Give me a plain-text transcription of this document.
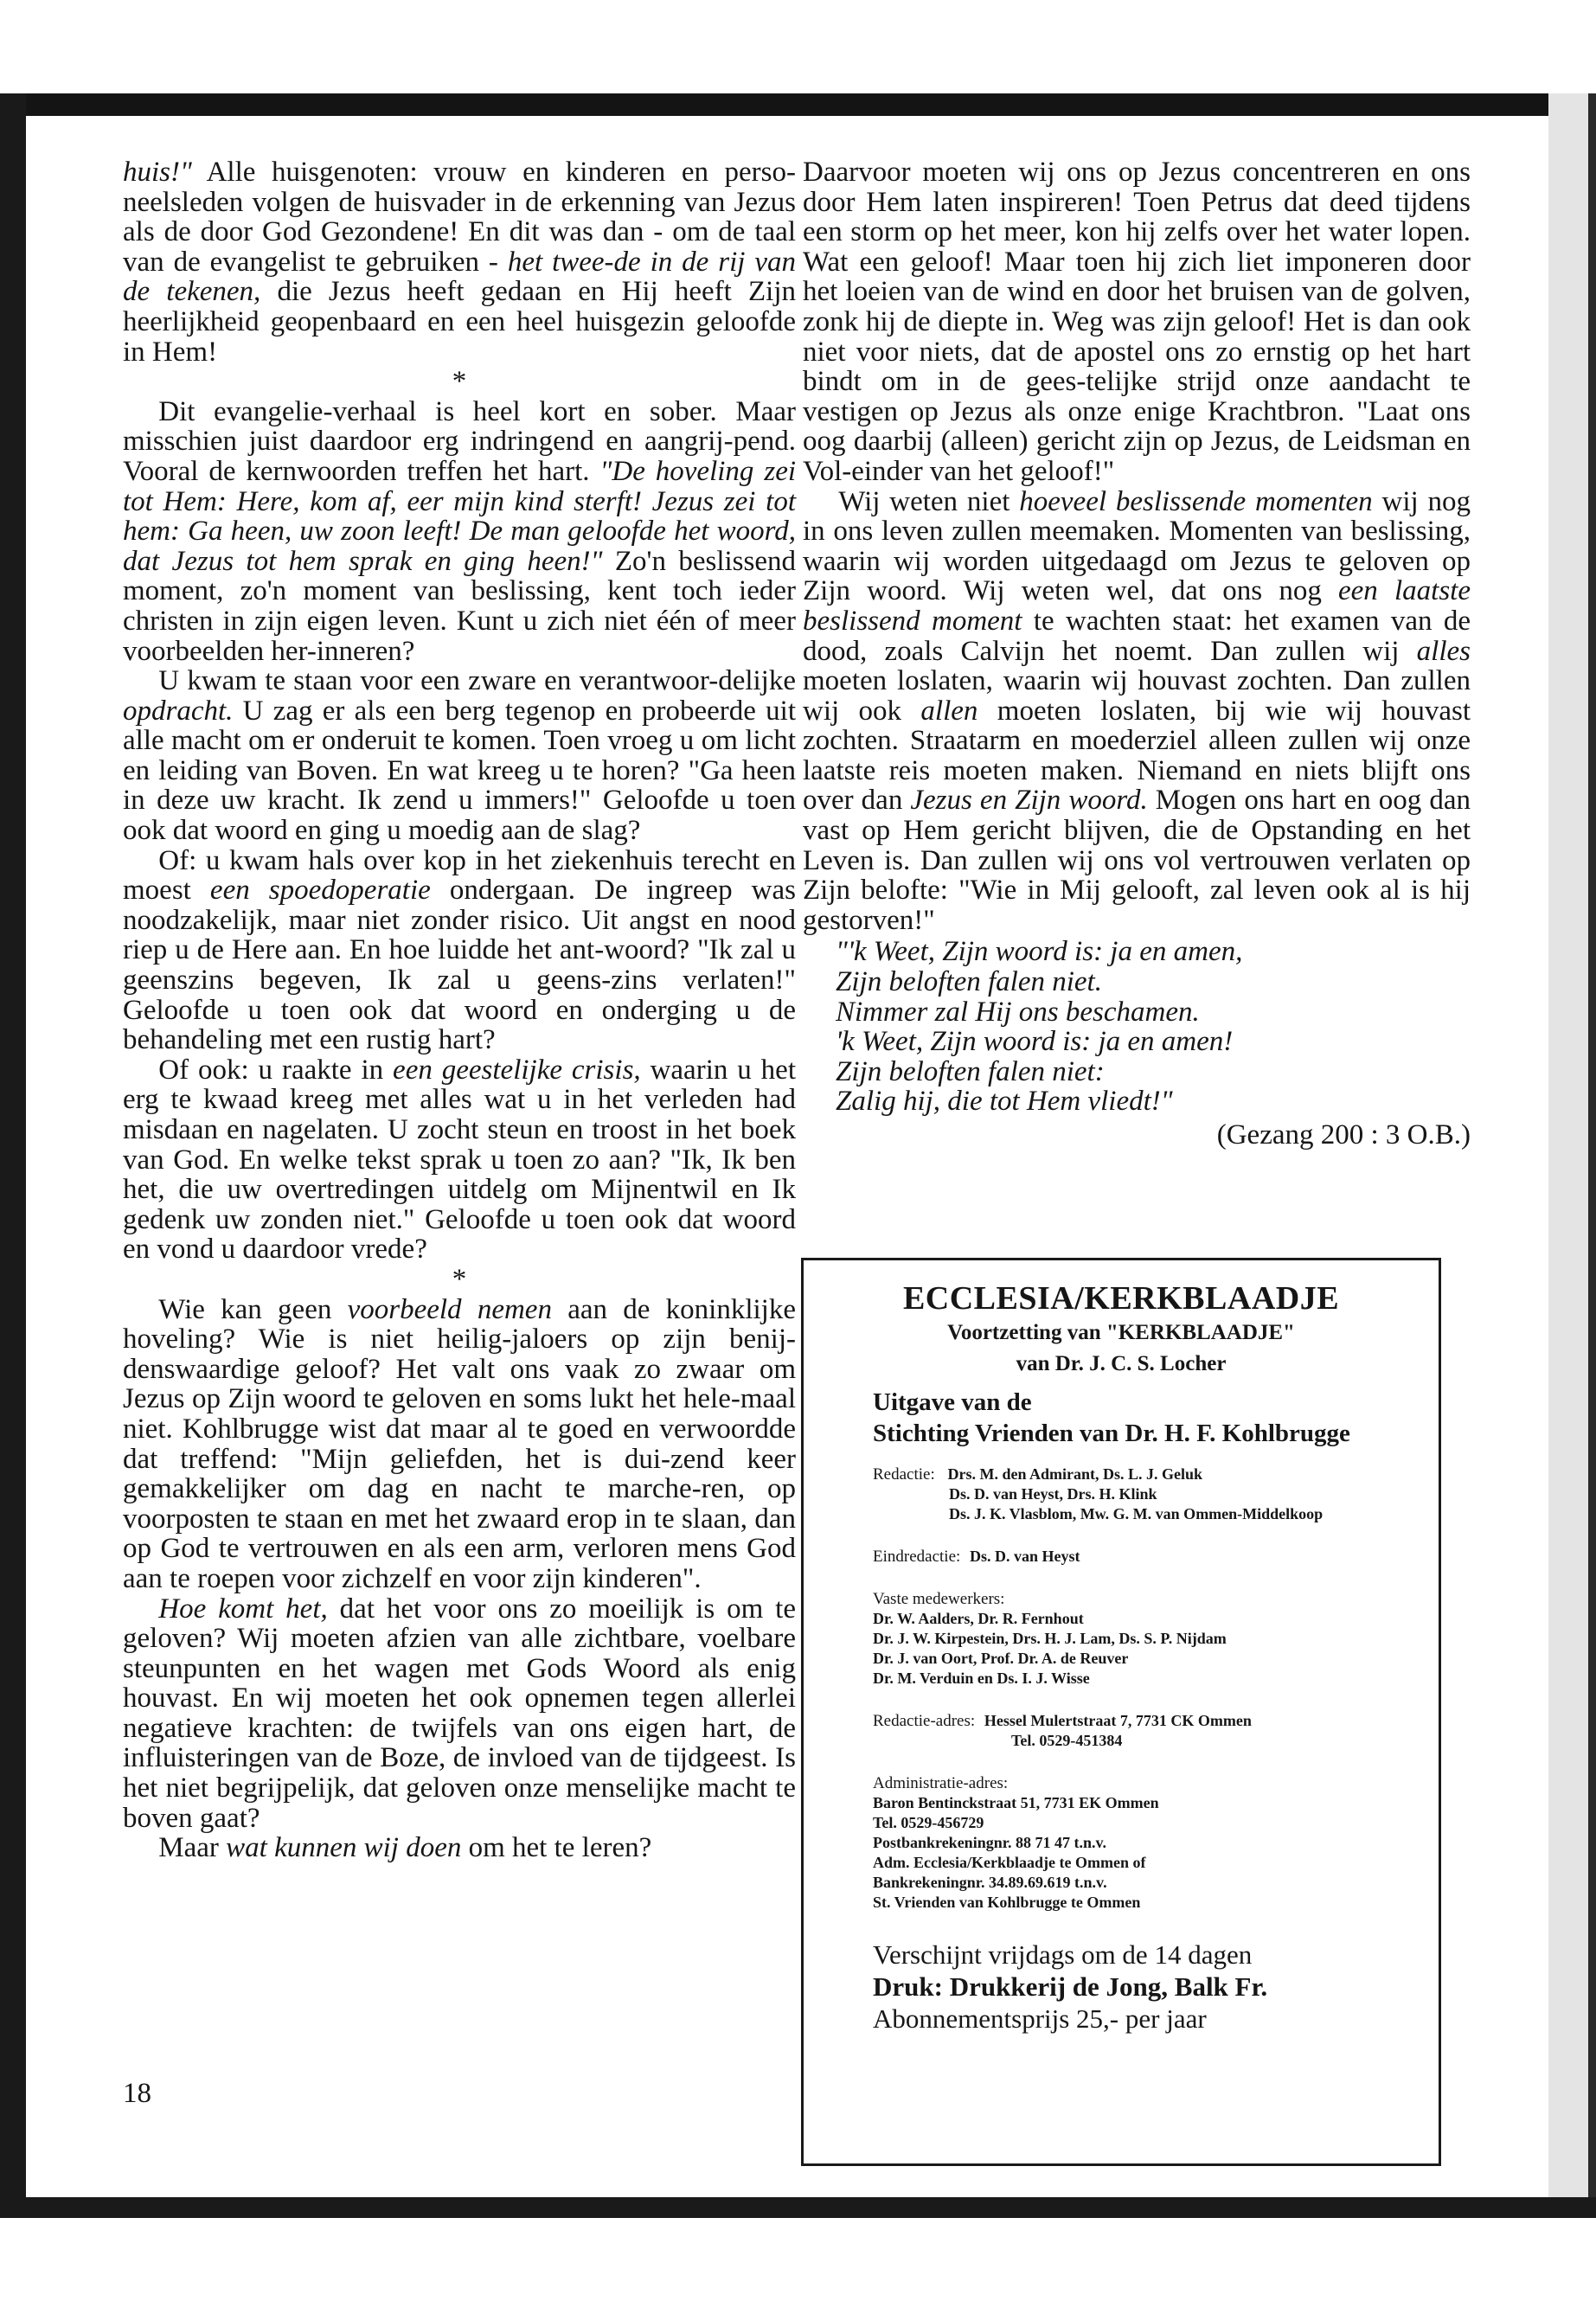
huis!" Alle huisgenoten: vrouw en kinderen en perso-neelsleden volgen de huisvader in de erkenning van Jezus als de door God Gezondene! En dit was dan - om de taal van de evangelist te gebruiken - het twee-de in de rij van de tekenen, die Jezus heeft gedaan en Hij heeft Zijn heerlijkheid geopenbaard en een heel huisgezin geloofde in Hem!

*

Dit evangelie-verhaal is heel kort en sober. Maar misschien juist daardoor erg indringend en aangrij-pend. Vooral de kernwoorden treffen het hart. "De hoveling zei tot Hem: Here, kom af, eer mijn kind sterft! Jezus zei tot hem: Ga heen, uw zoon leeft! De man geloofde het woord, dat Jezus tot hem sprak en ging heen!" Zo'n beslissend moment, zo'n moment van beslissing, kent toch ieder christen in zijn eigen leven. Kunt u zich niet één of meer voorbeelden her-inneren?

U kwam te staan voor een zware en verantwoor-delijke opdracht. U zag er als een berg tegenop en probeerde uit alle macht om er onderuit te komen. Toen vroeg u om licht en leiding van Boven. En wat kreeg u te horen? "Ga heen in deze uw kracht. Ik zend u immers!" Geloofde u toen ook dat woord en ging u moedig aan de slag?

Of: u kwam hals over kop in het ziekenhuis terecht en moest een spoedoperatie ondergaan. De ingreep was noodzakelijk, maar niet zonder risico. Uit angst en nood riep u de Here aan. En hoe luidde het ant-woord? "Ik zal u geenszins begeven, Ik zal u geens-zins verlaten!" Geloofde u toen ook dat woord en onderging u de behandeling met een rustig hart?

Of ook: u raakte in een geestelijke crisis, waarin u het erg te kwaad kreeg met alles wat u in het verleden had misdaan en nagelaten. U zocht steun en troost in het boek van God. En welke tekst sprak u toen zo aan? "Ik, Ik ben het, die uw overtredingen uitdelg om Mijnentwil en Ik gedenk uw zonden niet." Geloofde u toen ook dat woord en vond u daardoor vrede?

*

Wie kan geen voorbeeld nemen aan de koninklijke hoveling? Wie is niet heilig-jaloers op zijn benij-denswaardige geloof? Het valt ons vaak zo zwaar om Jezus op Zijn woord te geloven en soms lukt het hele-maal niet. Kohlbrugge wist dat maar al te goed en verwoordde dat treffend: "Mijn geliefden, het is dui-zend keer gemakkelijker om dag en nacht te marche-ren, op voorposten te staan en met het zwaard erop in te slaan, dan op God te vertrouwen en als een arm, verloren mens God aan te roepen voor zichzelf en voor zijn kinderen".

Hoe komt het, dat het voor ons zo moeilijk is om te geloven? Wij moeten afzien van alle zichtbare, voelbare steunpunten en het wagen met Gods Woord als enig houvast. En wij moeten het ook opnemen tegen allerlei negatieve krachten: de twijfels van ons eigen hart, de influisteringen van de Boze, de invloed van de tijdgeest. Is het niet begrijpelijk, dat geloven onze menselijke macht te boven gaat?

Maar wat kunnen wij doen om het te leren?

Daarvoor moeten wij ons op Jezus concentreren en ons door Hem laten inspireren! Toen Petrus dat deed tijdens een storm op het meer, kon hij zelfs over het water lopen. Wat een geloof! Maar toen hij zich liet imponeren door het loeien van de wind en door het bruisen van de golven, zonk hij de diepte in. Weg was zijn geloof! Het is dan ook niet voor niets, dat de apostel ons zo ernstig op het hart bindt om in de gees-telijke strijd onze aandacht te vestigen op Jezus als onze enige Krachtbron. "Laat ons oog daarbij (alleen) gericht zijn op Jezus, de Leidsman en Vol-einder van het geloof!"

Wij weten niet hoeveel beslissende momenten wij nog in ons leven zullen meemaken. Momenten van beslissing, waarin wij worden uitgedaagd om Jezus te geloven op Zijn woord. Wij weten wel, dat ons nog een laatste beslissend moment te wachten staat: het examen van de dood, zoals Calvijn het noemt. Dan zullen wij alles moeten loslaten, waarin wij houvast zochten. Dan zullen wij ook allen moeten loslaten, bij wie wij houvast zochten. Straatarm en moederziel alleen zullen wij onze laatste reis moeten maken. Niemand en niets blijft ons over dan Jezus en Zijn woord. Mogen ons hart en oog dan vast op Hem gericht blijven, die de Opstanding en het Leven is. Dan zullen wij ons vol vertrouwen verlaten op Zijn belofte: "Wie in Mij gelooft, zal leven ook al is hij gestorven!"

"'k Weet, Zijn woord is: ja en amen,
Zijn beloften falen niet.
Nimmer zal Hij ons beschamen.
'k Weet, Zijn woord is: ja en amen!
Zijn beloften falen niet:
Zalig hij, die tot Hem vliedt!"

(Gezang 200 : 3 O.B.)

ECCLESIA/KERKBLAADJE
Voortzetting van "KERKBLAADJE"
van Dr. J. C. S. Locher
Uitgave van de
Stichting Vrienden van Dr. H. F. Kohlbrugge
Redactie: Drs. M. den Admirant, Ds. L. J. Geluk
Ds. D. van Heyst, Drs. H. Klink
Ds. J. K. Vlasblom, Mw. G. M. van Ommen-Middelkoop
Eindredactie: Ds. D. van Heyst
Vaste medewerkers:
Dr. W. Aalders, Dr. R. Fernhout
Dr. J. W. Kirpestein, Drs. H. J. Lam, Ds. S. P. Nijdam
Dr. J. van Oort, Prof. Dr. A. de Reuver
Dr. M. Verduin en Ds. I. J. Wisse
Redactie-adres: Hessel Mulertstraat 7, 7731 CK Ommen
Tel. 0529-451384
Administratie-adres:
Baron Bentinckstraat 51, 7731 EK Ommen
Tel. 0529-456729
Postbankrekeningnr. 88 71 47 t.n.v.
Adm. Ecclesia/Kerkblaadje te Ommen of
Bankrekeningnr. 34.89.69.619 t.n.v.
St. Vrienden van Kohlbrugge te Ommen
Verschijnt vrijdags om de 14 dagen
Druk: Drukkerij de Jong, Balk Fr.
Abonnementsprijs 25,- per jaar
18
